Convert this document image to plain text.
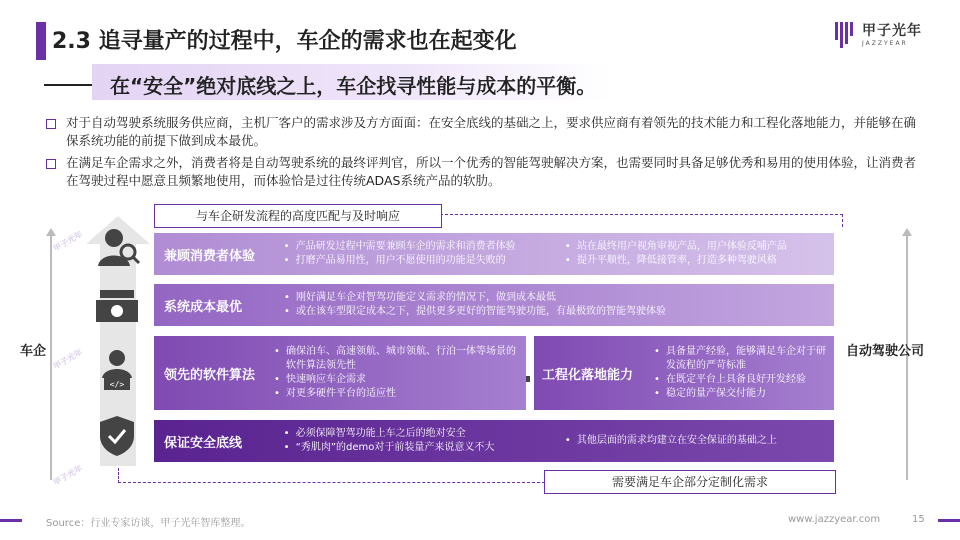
2.3 追寻量产的过程中，车企的需求也在起变化	甲子光年
JAZZYEAR
在“安全”绝对底线之上，车企找寻性能与成本的平衡。
对于自动驾驶系统服务供应商，主机厂客户的需求涉及方方面面：在安全底线的基础之上，要求供应商有着领先的技术能力和工程化落地能力，并能够在确保系统功能的前提下做到成本最优。
在满足车企需求之外，消费者将是自动驾驶系统的最终评判官，所以一个优秀的智能驾驶解决方案，也需要同时具备足够优秀和易用的使用体验，让消费者在驾驶过程中愿意且频繁地使用，而体验恰是过往传统ADAS系统产品的软肋。
车企	自动驾驶公司
与车企研发流程的高度匹配与及时响应
需要满足车企部分定制化需求
</>
兼顾消费者体验
• 产品研发过程中需要兼顾车企的需求和消费者体验
• 打磨产品易用性，用户不愿使用的功能是失败的
• 站在最终用户视角审视产品，用户体验反哺产品
• 提升平顺性，降低接管率，打造多种驾驶风格
系统成本最优
• 刚好满足车企对智驾功能定义需求的情况下，做到成本最低
• 或在该车型限定成本之下，提供更多更好的智能驾驶功能，有最极致的智能驾驶体验
领先的软件算法
• 确保泊车、高速领航、城市领航、行泊一体等场景的软件算法领先性
• 快速响应车企需求
• 对更多硬件平台的适应性
工程化落地能力
• 具备量产经验，能够满足车企对于研发流程的严苛标准
• 在既定平台上具备良好开发经验
• 稳定的量产保交付能力
保证安全底线
• 必须保障智驾功能上车之后的绝对安全
• “秀肌肉”的demo对于前装量产来说意义不大
• 其他层面的需求均建立在安全保证的基础之上
甲子光年
甲子光年
甲子光年
Source：行业专家访谈，甲子光年智库整理。	www.jazzyear.com	15
